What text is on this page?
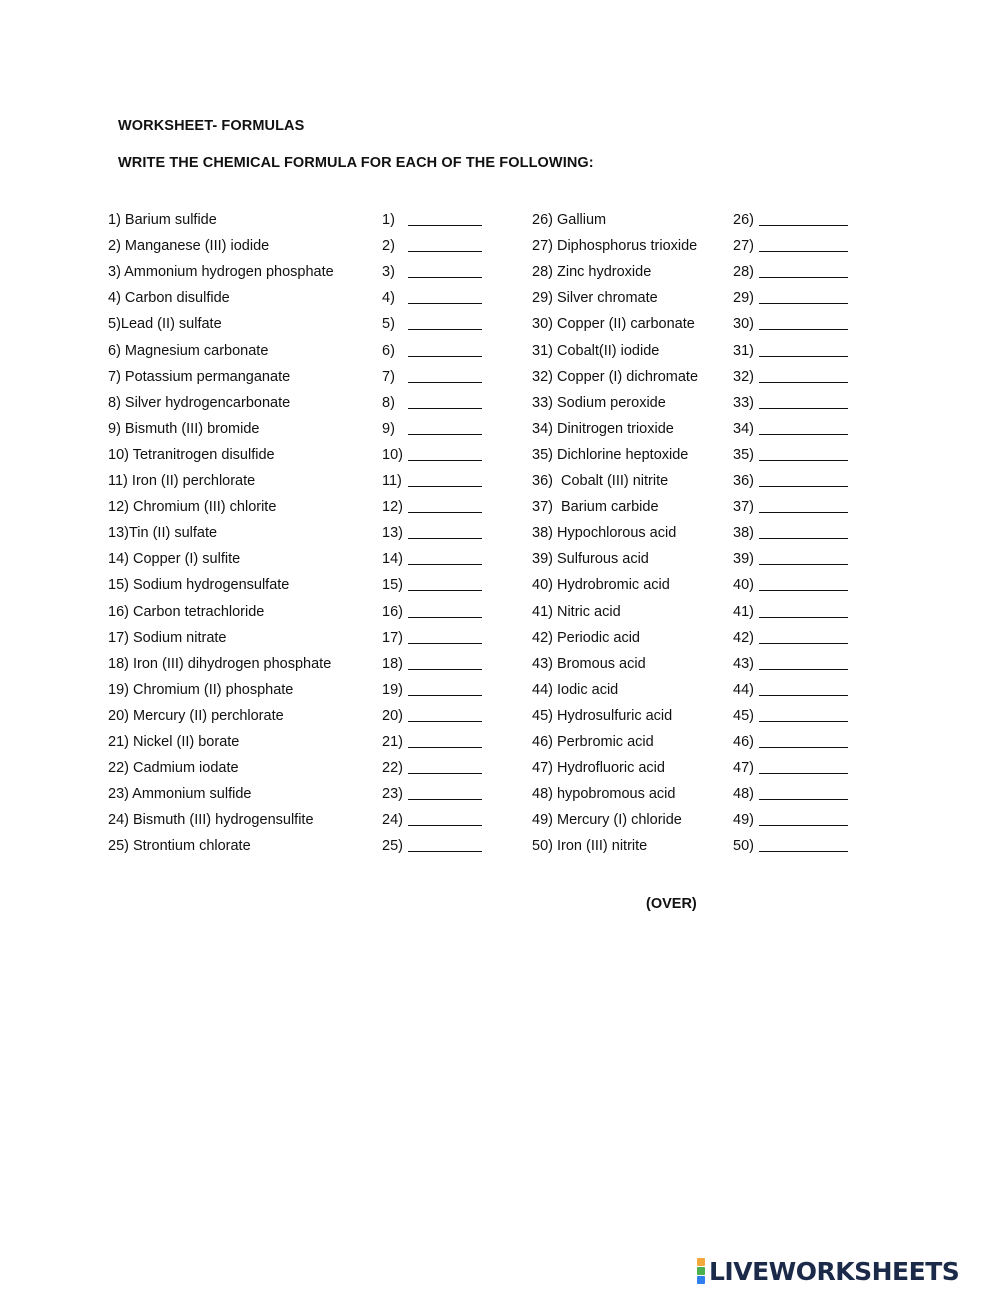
WORKSHEET- FORMULAS
WRITE THE CHEMICAL FORMULA FOR EACH OF THE FOLLOWING:
1) Barium sulfide	1)
2) Manganese (III) iodide	2)
3) Ammonium hydrogen phosphate	3)
4) Carbon disulfide	4)
5)Lead (II) sulfate	5)
6) Magnesium carbonate	6)
7) Potassium permanganate	7)
8) Silver hydrogencarbonate	8)
9) Bismuth (III) bromide	9)
10) Tetranitrogen disulfide	10)
11) Iron (II) perchlorate	11)
12) Chromium (III) chlorite	12)
13)Tin (II) sulfate	13)
14) Copper (I) sulfite	14)
15) Sodium hydrogensulfate	15)
16) Carbon tetrachloride	16)
17) Sodium nitrate	17)
18) Iron (III) dihydrogen phosphate	18)
19) Chromium (II) phosphate	19)
20) Mercury (II) perchlorate	20)
21) Nickel (II) borate	21)
22) Cadmium iodate	22)
23) Ammonium sulfide	23)
24) Bismuth (III) hydrogensulfite	24)
25) Strontium chlorate	25)
26) Gallium	26)
27) Diphosphorus trioxide 27)
28) Zinc hydroxide	28)
29) Silver chromate	29)
30) Copper (II) carbonate	30)
31) Cobalt(II) iodide	31)
32) Copper (I) dichromate 32)
33) Sodium peroxide	33)
34) Dinitrogen trioxide	34)
35) Dichlorine heptoxide	35)
36)  Cobalt (III) nitrite	36)
37)  Barium carbide	37)
38) Hypochlorous acid	38)
39) Sulfurous acid	39)
40) Hydrobromic acid	40)
41) Nitric acid	41)
42) Periodic acid	42)
43) Bromous acid	43)
44) Iodic acid	44)
45) Hydrosulfuric acid	45)
46) Perbromic acid	46)
47) Hydrofluoric acid	47)
48) hypobromous acid	48)
49) Mercury (I) chloride	49)
50) Iron (III) nitrite	50)
(OVER)
LIVEWORKSHEETS
